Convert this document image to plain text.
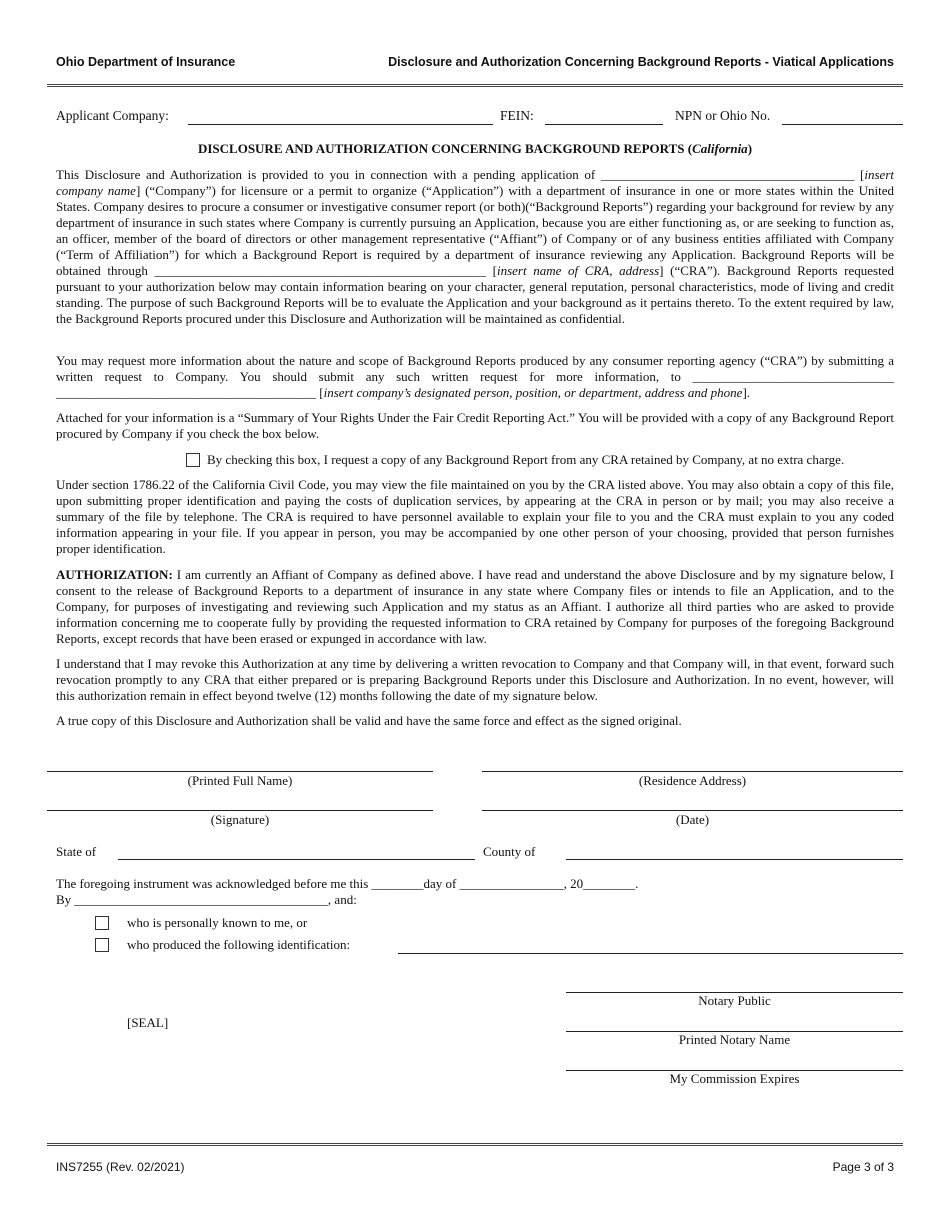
Ohio Department of Insurance	Disclosure and Authorization Concerning Background Reports - Viatical Applications
Applicant Company:	FEIN:	NPN or Ohio No.
DISCLOSURE AND AUTHORIZATION CONCERNING BACKGROUND REPORTS (California)

This Disclosure and Authorization is provided to you in connection with a pending application of _______________________________________ [insert company name] (“Company”) for licensure or a permit to organize (“Application”) with a department of insurance in one or more states within the United States. Company desires to procure a consumer or investigative consumer report (or both)(“Background Reports”) regarding your background for review by any department of insurance in such states where Company is currently pursuing an Application, because you are either functioning as, or are seeking to function as, an officer, member of the board of directors or other management representative (“Affiant”) of Company or of any business entities affiliated with Company (“Term of Affiliation”) for which a Background Report is required by a department of insurance reviewing any Application. Background Reports will be obtained through ___________________________________________________ [insert name of CRA, address] (“CRA”). Background Reports requested pursuant to your authorization below may contain information bearing on your character, general reputation, personal characteristics, mode of living and credit standing. The purpose of such Background Reports will be to evaluate the Application and your background as it pertains thereto. To the extent required by law, the Background Reports procured under this Disclosure and Authorization will be maintained as confidential.

You may request more information about the nature and scope of Background Reports produced by any consumer reporting agency (“CRA”) by submitting a written request to Company. You should submit any such written request for more information, to _______________________________ ________________________________________ [insert company’s designated person, position, or department, address and phone].

Attached for your information is a “Summary of Your Rights Under the Fair Credit Reporting Act.” You will be provided with a copy of any Background Report procured by Company if you check the box below.

By checking this box, I request a copy of any Background Report from any CRA retained by Company, at no extra charge.

Under section 1786.22 of the California Civil Code, you may view the file maintained on you by the CRA listed above. You may also obtain a copy of this file, upon submitting proper identification and paying the costs of duplication services, by appearing at the CRA in person or by mail; you may also receive a summary of the file by telephone. The CRA is required to have personnel available to explain your file to you and the CRA must explain to you any coded information appearing in your file. If you appear in person, you may be accompanied by one other person of your choosing, provided that person furnishes proper identification.

AUTHORIZATION: I am currently an Affiant of Company as defined above. I have read and understand the above Disclosure and by my signature below, I consent to the release of Background Reports to a department of insurance in any state where Company files or intends to file an Application, and to the Company, for purposes of investigating and reviewing such Application and my status as an Affiant. I authorize all third parties who are asked to provide information concerning me to cooperate fully by providing the requested information to CRA retained by Company for purposes of the foregoing Background Reports, except records that have been erased or expunged in accordance with law.

I understand that I may revoke this Authorization at any time by delivering a written revocation to Company and that Company will, in that event, forward such revocation promptly to any CRA that either prepared or is preparing Background Reports under this Disclosure and Authorization. In no event, however, will this authorization remain in effect beyond twelve (12) months following the date of my signature below.

A true copy of this Disclosure and Authorization shall be valid and have the same force and effect as the signed original.

(Printed Full Name)	(Residence Address)
(Signature)	(Date)
State of	County of
The foregoing instrument was acknowledged before me this ________day of ________________, 20________.
By _______________________________________, and:
who is personally known to me, or
who produced the following identification:
Notary Public
[SEAL]
Printed Notary Name
My Commission Expires
INS7255 (Rev. 02/2021)	Page 3 of 3
